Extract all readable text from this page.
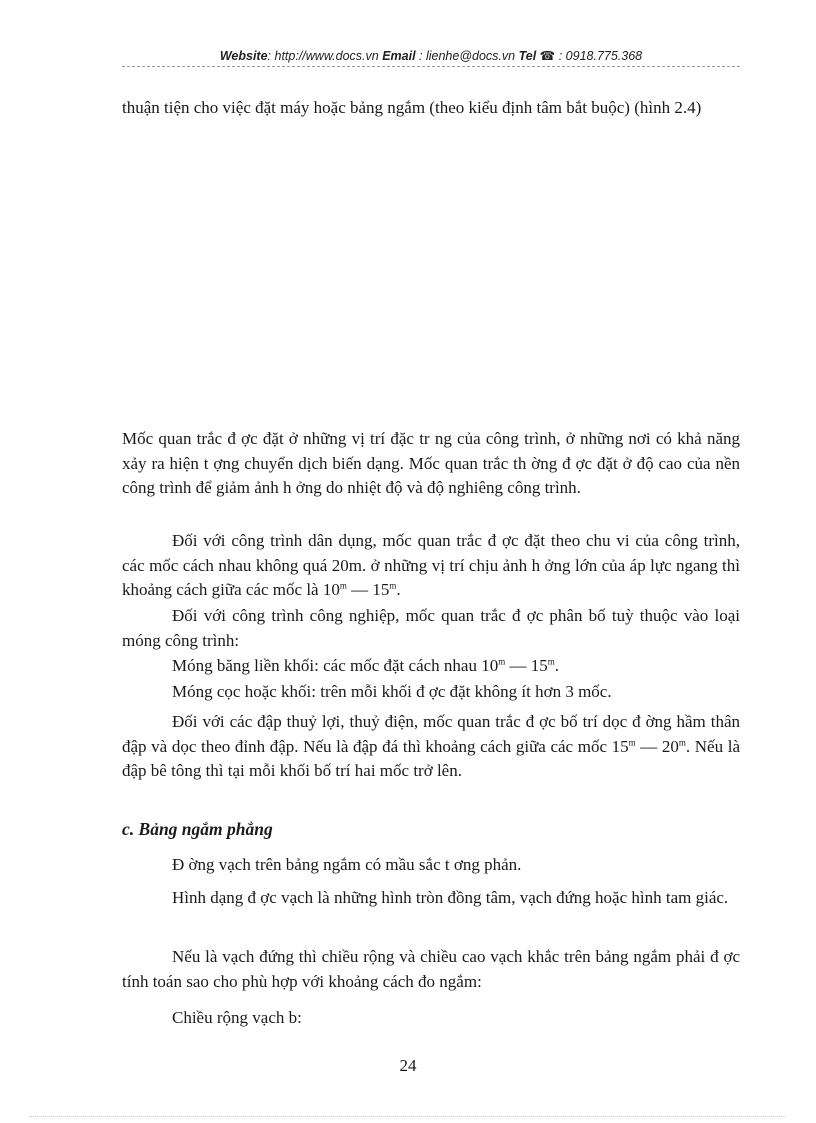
Website: http://www.docs.vn Email : lienhe@docs.vn Tel ☎ : 0918.775.368

thuận tiện cho việc đặt máy hoặc bảng ngắm (theo kiểu định tâm bắt buộc) (hình 2.4)

Mốc quan trắc đ ợc đặt ở những vị trí đặc tr ng của công trình, ở những nơi có khả năng xảy ra hiện t ợng chuyển dịch biến dạng. Mốc quan trắc th ờng đ ợc đặt ở độ cao của nền công trình để giảm ảnh h ởng do nhiệt độ và độ nghiêng công trình.

Đối với công trình dân dụng, mốc quan trắc đ ợc đặt theo chu vi của công trình, các mốc cách nhau không quá 20m. ở những vị trí chịu ảnh h ởng lớn của áp lực ngang thì khoảng cách giữa các mốc là 10$^m$ — 15$^m$.

Đối với công trình công nghiệp, mốc quan trắc đ ợc phân bố tuỳ thuộc vào loại móng công trình:

Móng băng liền khối: các mốc đặt cách nhau 10$^m$ — 15$^m$.

Móng cọc hoặc khối: trên mỗi khối đ ợc đặt không ít hơn 3 mốc.

Đối với các đập thuỷ lợi, thuỷ điện, mốc quan trắc đ ợc bố trí dọc đ ờng hầm thân đập và dọc theo đỉnh đập. Nếu là đập đá thì khoảng cách giữa các mốc 15$^m$ — 20$^m$. Nếu là đập bê tông thì tại mỗi khối bố trí hai mốc trở lên.

c. Bảng ngắm phẳng

Đ ờng vạch trên bảng ngắm có mầu sắc t ơng phản.

Hình dạng đ ợc vạch là những hình tròn đồng tâm, vạch đứng hoặc hình tam giác.

Nếu là vạch đứng thì chiều rộng và chiều cao vạch khắc trên bảng ngắm phải đ ợc tính toán sao cho phù hợp với khoảng cách đo ngắm:

Chiều rộng vạch b:

24
